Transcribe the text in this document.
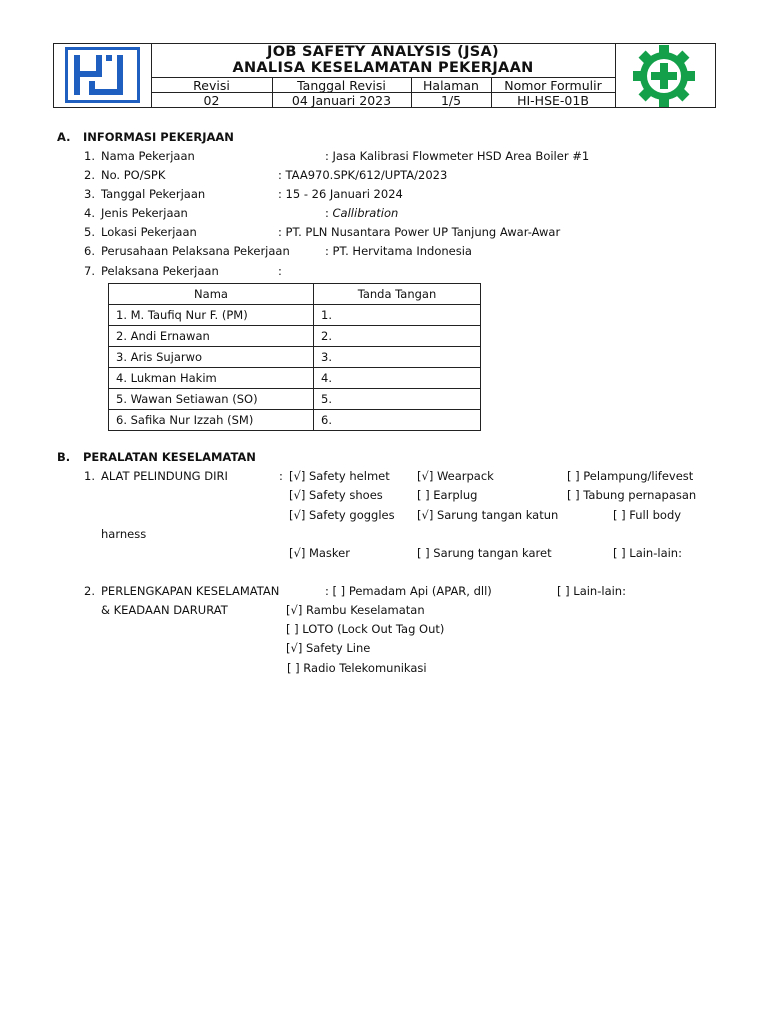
JOB SAFETY ANALYSIS (JSA)
ANALISA KESELAMATAN PEKERJAAN
Revisi	Tanggal Revisi	Halaman	Nomor Formulir
02	04 Januari 2023	1/5	HI-HSE-01B
A. INFORMASI PEKERJAAN
1. Nama Pekerjaan	: Jasa Kalibrasi Flowmeter HSD Area Boiler #1
2. No. PO/SPK	: TAA970.SPK/612/UPTA/2023
3. Tanggal Pekerjaan	: 15 - 26 Januari 2024
4. Jenis Pekerjaan	: Callibration
5. Lokasi Pekerjaan	: PT. PLN Nusantara Power UP Tanjung Awar-Awar
6. Perusahaan Pelaksana Pekerjaan	: PT. Hervitama Indonesia
7. Pelaksana Pekerjaan	:
Nama	Tanda Tangan
1. M. Taufiq Nur F. (PM)	1.
2. Andi Ernawan	2.
3. Aris Sujarwo	3.
4. Lukman Hakim	4.
5. Wawan Setiawan (SO)	5.
6. Safika Nur Izzah (SM)	6.
B. PERALATAN KESELAMATAN
1. ALAT PELINDUNG DIRI	: [√] Safety helmet [√] Wearpack	[ ] Pelampung/lifevest
[√] Safety shoes	[ ] Earplug	[ ] Tabung pernapasan
[√] Safety goggles [√] Sarung tangan katun	[ ] Full body
harness
[√] Masker	[ ] Sarung tangan karet	[ ] Lain-lain:
2. PERLENGKAPAN KESELAMATAN
& KEADAAN DARURAT
: [ ] Pemadam Api (APAR, dll)	[ ] Lain-lain:
[√] Rambu Keselamatan
[ ] LOTO (Lock Out Tag Out)
[√] Safety Line
[ ] Radio Telekomunikasi
